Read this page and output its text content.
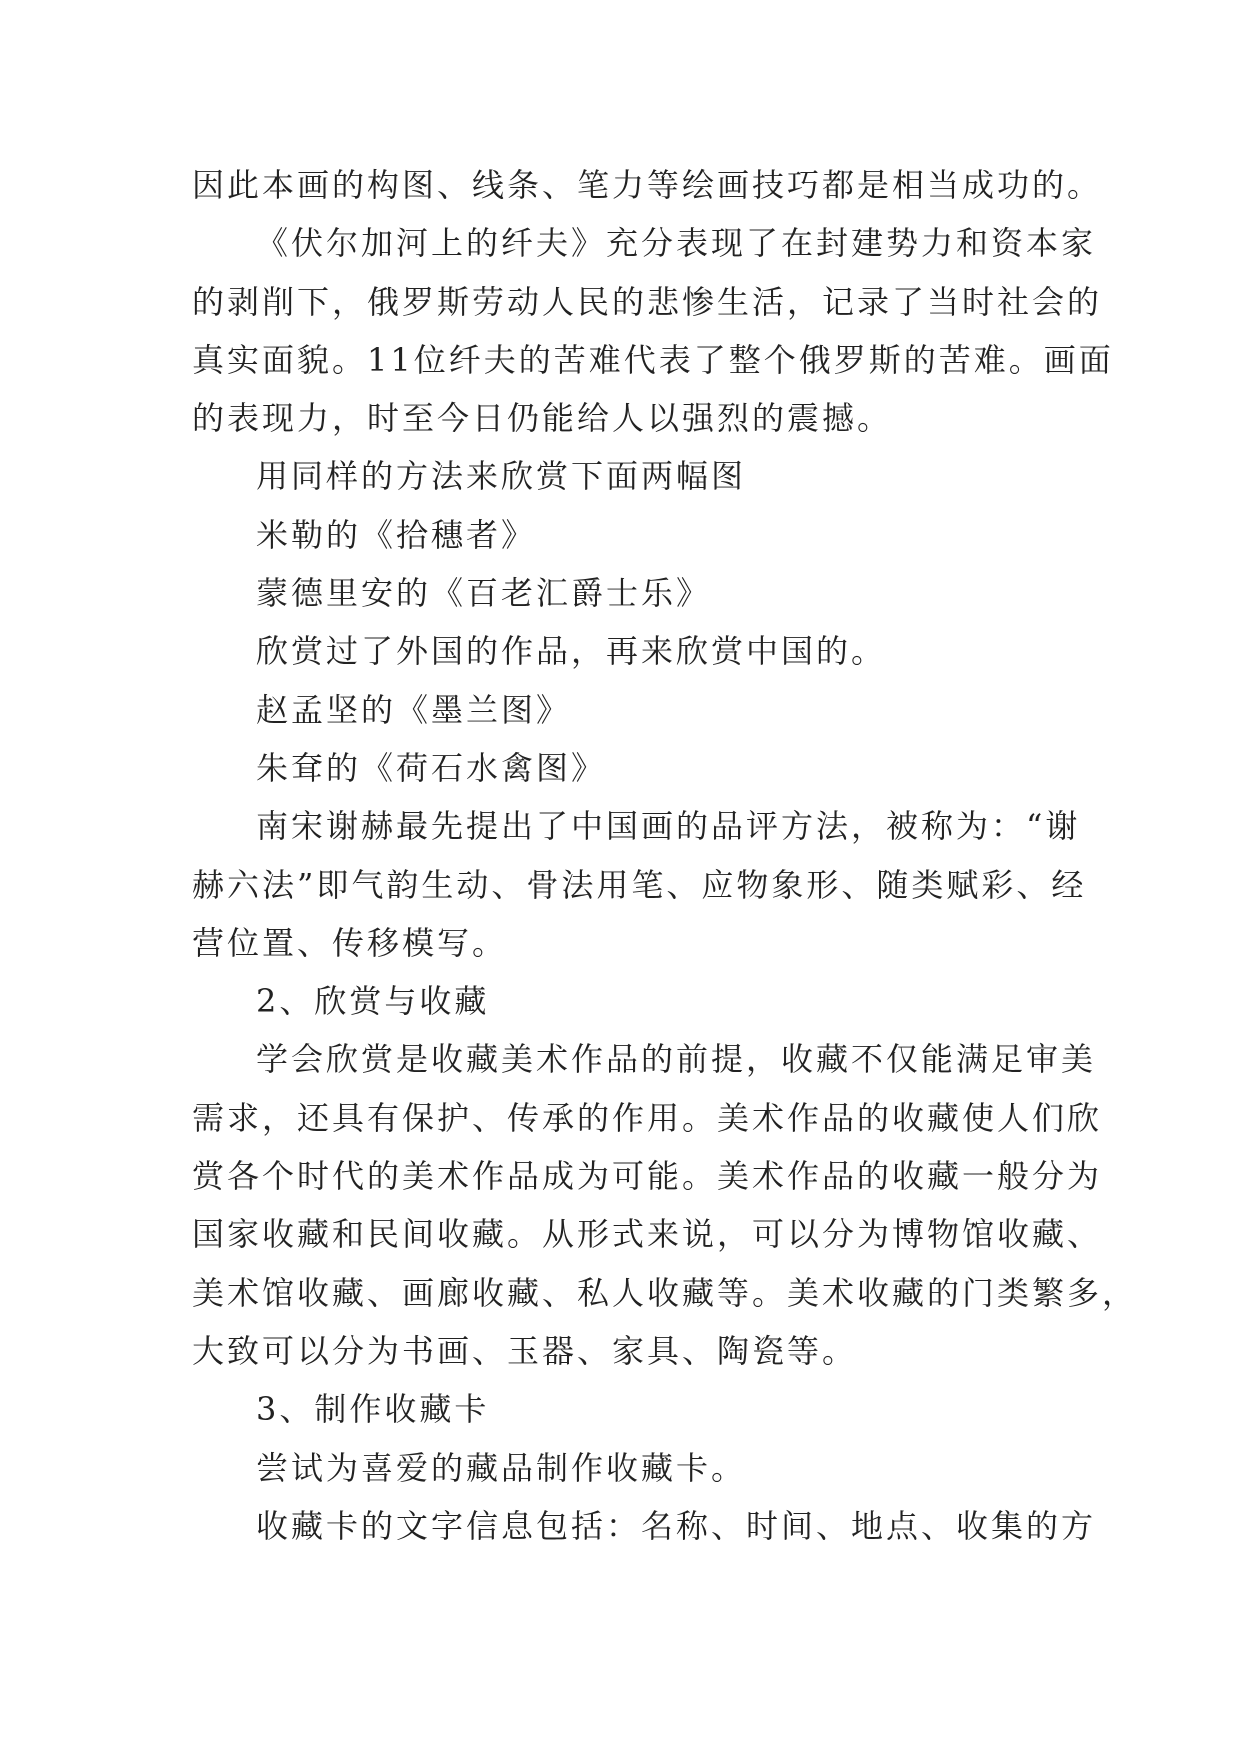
因此本画的构图、线条、笔力等绘画技巧都是相当成功的。
《伏尔加河上的纤夫》充分表现了在封建势力和资本家
的剥削下，俄罗斯劳动人民的悲惨生活，记录了当时社会的
真实面貌。11位纤夫的苦难代表了整个俄罗斯的苦难。画面
的表现力，时至今日仍能给人以强烈的震撼。
用同样的方法来欣赏下面两幅图
米勒的《拾穗者》
蒙德里安的《百老汇爵士乐》
欣赏过了外国的作品，再来欣赏中国的。
赵孟坚的《墨兰图》
朱耷的《荷石水禽图》
南宋谢赫最先提出了中国画的品评方法，被称为：“谢
赫六法”即气韵生动、骨法用笔、应物象形、随类赋彩、经
营位置、传移模写。
2、欣赏与收藏
学会欣赏是收藏美术作品的前提，收藏不仅能满足审美
需求，还具有保护、传承的作用。美术作品的收藏使人们欣
赏各个时代的美术作品成为可能。美术作品的收藏一般分为
国家收藏和民间收藏。从形式来说，可以分为博物馆收藏、
美术馆收藏、画廊收藏、私人收藏等。美术收藏的门类繁多，
大致可以分为书画、玉器、家具、陶瓷等。
3、制作收藏卡
尝试为喜爱的藏品制作收藏卡。
收藏卡的文字信息包括：名称、时间、地点、收集的方
